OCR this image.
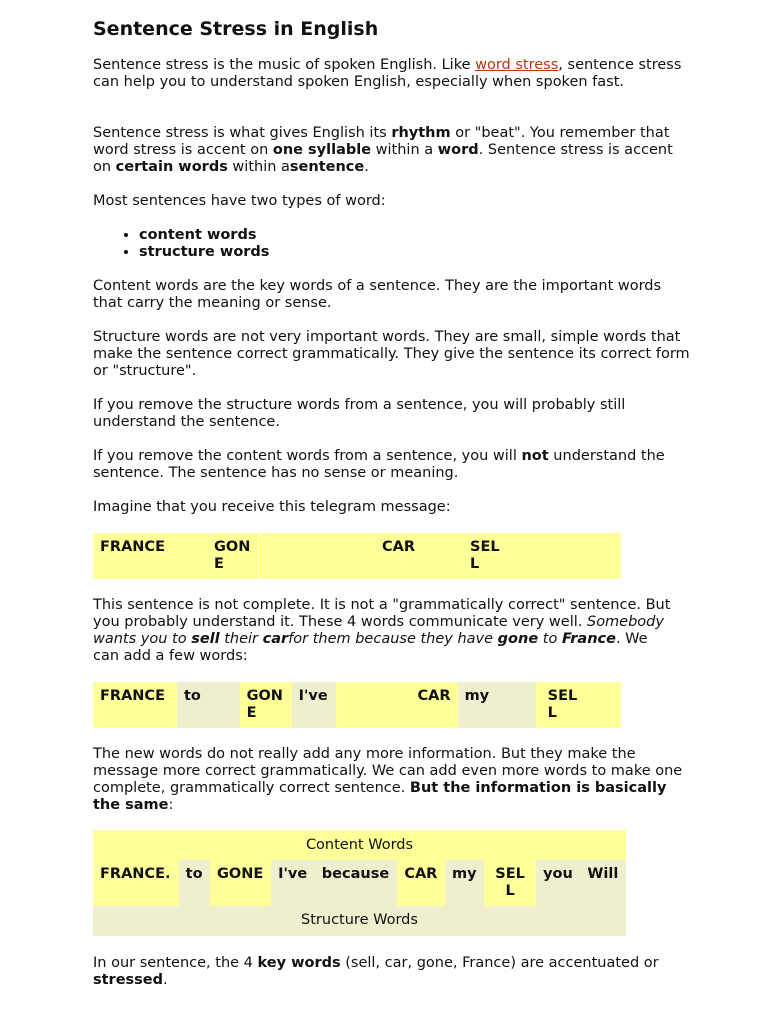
Sentence Stress in English

Sentence stress is the music of spoken English. Like word stress, sentence stress can help you to understand spoken English, especially when spoken fast.

Sentence stress is what gives English its rhythm or "beat". You remember that word stress is accent on one syllable within a word. Sentence stress is accent on certain words within asentence.

Most sentences have two types of word:

• content words
• structure words

Content words are the key words of a sentence. They are the important words that carry the meaning or sense.

Structure words are not very important words. They are small, simple words that make the sentence correct grammatically. They give the sentence its correct form or "structure".

If you remove the structure words from a sentence, you will probably still understand the sentence.

If you remove the content words from a sentence, you will not understand the sentence. The sentence has no sense or meaning.

Imagine that you receive this telegram message:

FRANCE	GON E		CAR	SEL L	

This sentence is not complete. It is not a "grammatically correct" sentence. But you probably understand it. These 4 words communicate very well. Somebody wants you to sell their carfor them because they have gone to France. We can add a few words:

FRANCE	to	GON E	I've	CAR	my	SEL L	

The new words do not really add any more information. But they make the message more correct grammatically. We can add even more words to make one complete, grammatically correct sentence. But the information is basically the same:

Content Words
FRANCE.	to	GONE	I've	because	CAR	my	SEL L	you	Will
Structure Words

In our sentence, the 4 key words (sell, car, gone, France) are accentuated or stressed.
